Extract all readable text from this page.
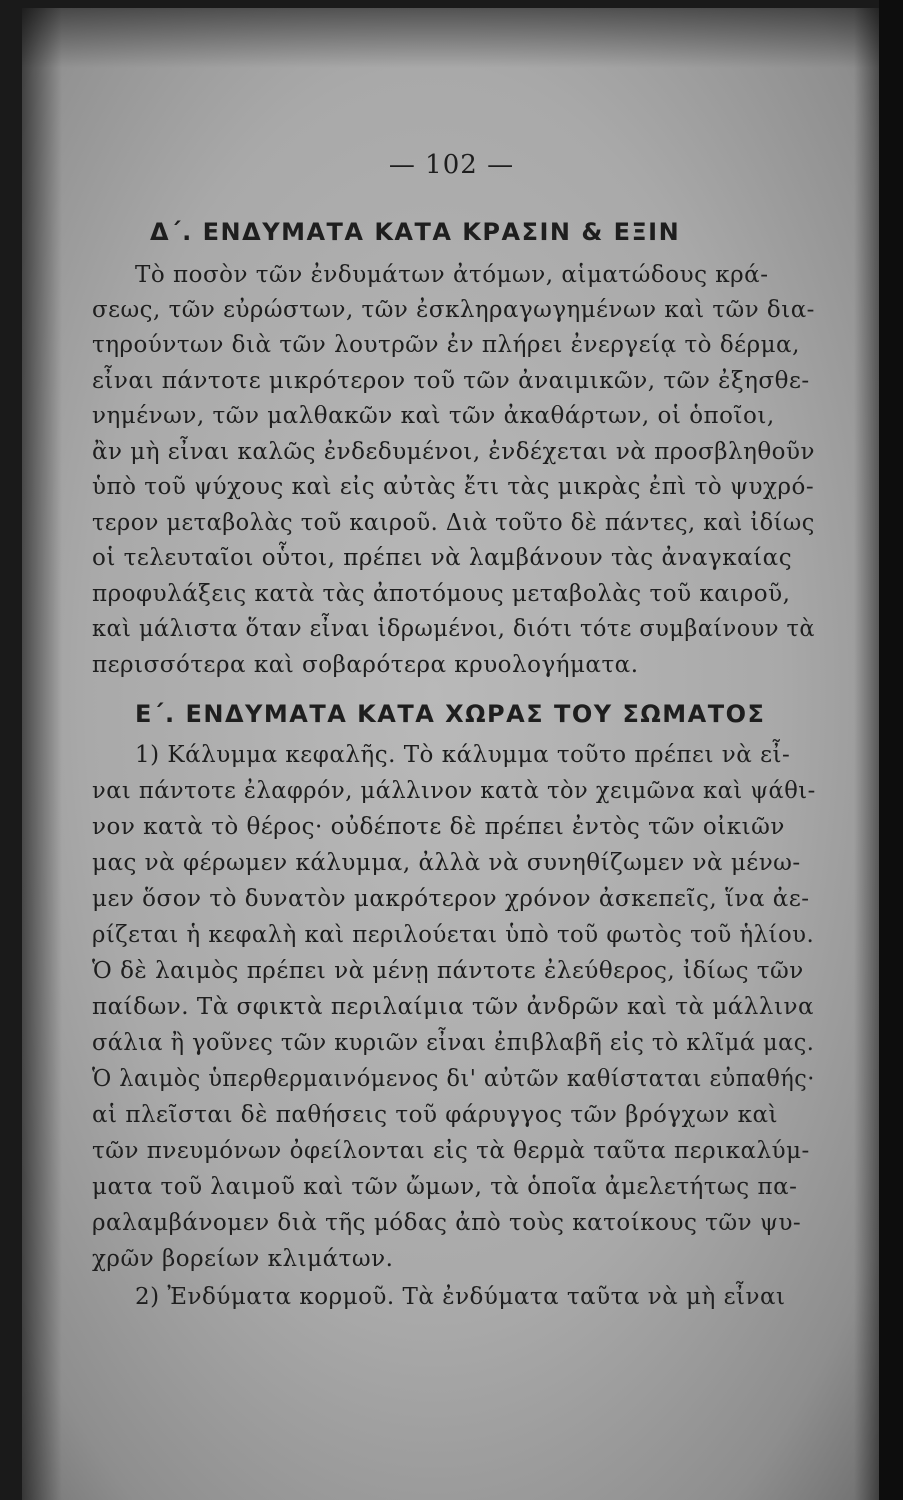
— 102 —
Δ΄. ΕΝΔΥΜΑΤΑ ΚΑΤΑ ΚΡΑΣΙΝ & ΕΞΙΝ
Τὸ ποσὸν τῶν ἐνδυμάτων ἀτόμων, αἱματώδους κρά-
σεως, τῶν εὐρώστων, τῶν ἐσκληραγωγημένων καὶ τῶν δια-
τηρούντων διὰ τῶν λουτρῶν ἐν πλήρει ἐνεργείᾳ τὸ δέρμα,
εἶναι πάντοτε μικρότερον τοῦ τῶν ἀναιμικῶν, τῶν ἐξησθε-
νημένων, τῶν μαλθακῶν καὶ τῶν ἀκαθάρτων, οἱ ὁποῖοι,
ἂν μὴ εἶναι καλῶς ἐνδεδυμένοι, ἐνδέχεται νὰ προσβληθοῦν
ὑπὸ τοῦ ψύχους καὶ εἰς αὐτὰς ἔτι τὰς μικρὰς ἐπὶ τὸ ψυχρό-
τερον μεταβολὰς τοῦ καιροῦ. Διὰ τοῦτο δὲ πάντες, καὶ ἰδίως
οἱ τελευταῖοι οὗτοι, πρέπει νὰ λαμβάνουν τὰς ἀναγκαίας
προφυλάξεις κατὰ τὰς ἀποτόμους μεταβολὰς τοῦ καιροῦ,
καὶ μάλιστα ὅταν εἶναι ἱδρωμένοι, διότι τότε συμβαίνουν τὰ
περισσότερα καὶ σοβαρότερα κρυολογήματα.
Ε΄. ΕΝΔΥΜΑΤΑ ΚΑΤΑ ΧΩΡΑΣ ΤΟΥ ΣΩΜΑΤΟΣ
1) Κάλυμμα κεφαλῆς. Τὸ κάλυμμα τοῦτο πρέπει νὰ εἶ-
ναι πάντοτε ἐλαφρόν, μάλλινον κατὰ τὸν χειμῶνα καὶ ψάθι-
νον κατὰ τὸ θέρος· οὐδέποτε δὲ πρέπει ἐντὸς τῶν οἰκιῶν
μας νὰ φέρωμεν κάλυμμα, ἀλλὰ νὰ συνηθίζωμεν νὰ μένω-
μεν ὅσον τὸ δυνατὸν μακρότερον χρόνον ἀσκεπεῖς, ἵνα ἀε-
ρίζεται ἡ κεφαλὴ καὶ περιλούεται ὑπὸ τοῦ φωτὸς τοῦ ἡλίου.
Ὁ δὲ λαιμὸς πρέπει νὰ μένῃ πάντοτε ἐλεύθερος, ἰδίως τῶν
παίδων. Τὰ σφικτὰ περιλαίμια τῶν ἀνδρῶν καὶ τὰ μάλλινα
σάλια ἢ γοῦνες τῶν κυριῶν εἶναι ἐπιβλαβῆ εἰς τὸ κλῖμά μας.
Ὁ λαιμὸς ὑπερθερμαινόμενος δι' αὐτῶν καθίσταται εὐπαθής·
αἱ πλεῖσται δὲ παθήσεις τοῦ φάρυγγος τῶν βρόγχων καὶ
τῶν πνευμόνων ὀφείλονται εἰς τὰ θερμὰ ταῦτα περικαλύμ-
ματα τοῦ λαιμοῦ καὶ τῶν ὤμων, τὰ ὁποῖα ἀμελετήτως πα-
ραλαμβάνομεν διὰ τῆς μόδας ἀπὸ τοὺς κατοίκους τῶν ψυ-
χρῶν βορείων κλιμάτων.
2) Ἐνδύματα κορμοῦ. Τὰ ἐνδύματα ταῦτα νὰ μὴ εἶναι
